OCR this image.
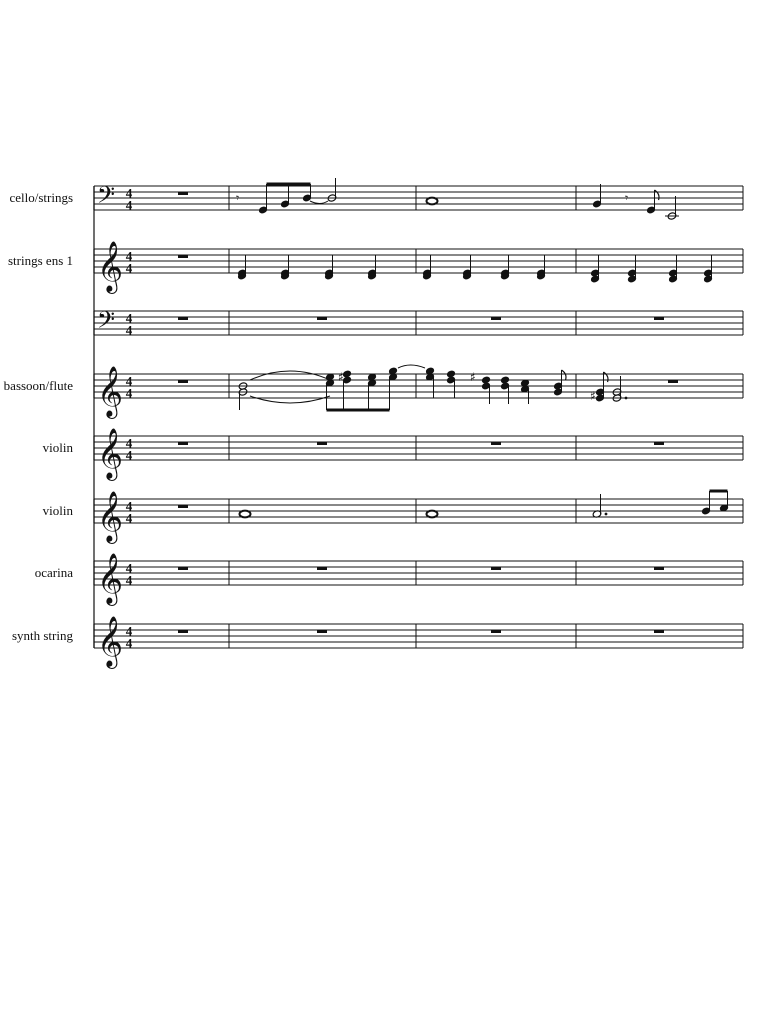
cello/strings 𝄢 4
4	𝄾	𝄾
strings ens 1 𝄞 4
4
𝄢 4
4
bassoon/flute 𝄞 4
4
♯	♯
♯
violin 𝄞 4
4
violin 𝄞 4
4
ocarina 𝄞 4
4
synth string 𝄞 4
4
